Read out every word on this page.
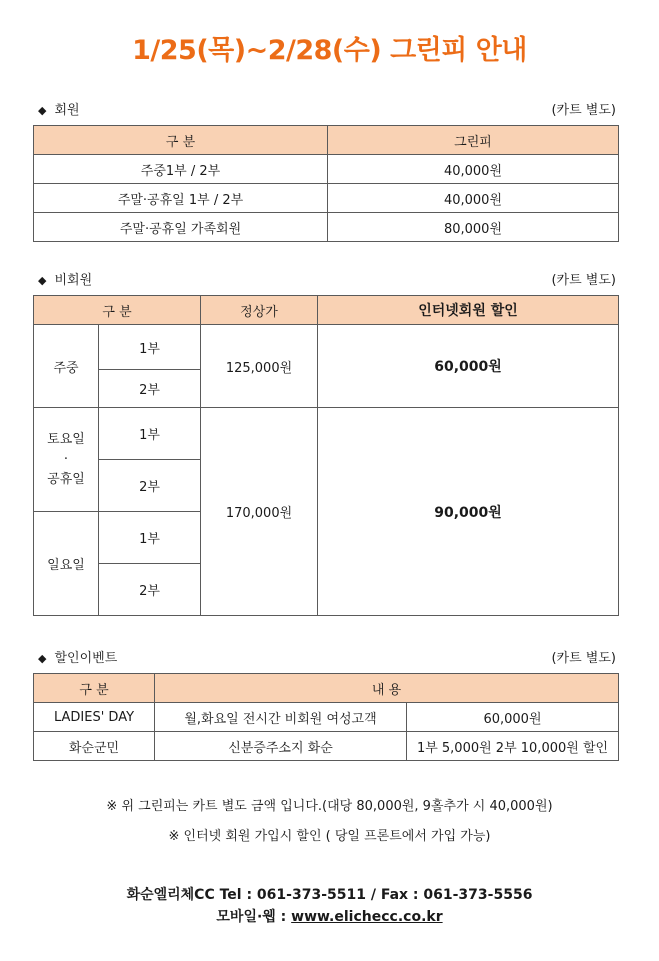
1/25(목)~2/28(수) 그린피 안내
◆ 회원	(카트 별도)
구 분	그린피
주중1부 / 2부	40,000원
주말·공휴일 1부 / 2부	40,000원
주말·공휴일 가족회원	80,000원
◆ 비회원	(카트 별도)
구 분		정상가	인터넷회원 할인
주중	1부	125,000원	60,000원
	2부		

토요일
·
공휴일	1부	170,000원	90,000원
	2부		
일요일	1부		
	2부		
◆ 할인이벤트	(카트 별도)
구 분	내 용	
LADIES' DAY	월,화요일 전시간 비회원 여성고객	60,000원
화순군민	신분증주소지 화순	1부 5,000원 2부 10,000원 할인
※ 위 그린피는 카트 별도 금액 입니다.(대당 80,000원, 9홀추가 시 40,000원)
※ 인터넷 회원 가입시 할인 ( 당일 프론트에서 가입 가능)
화순엘리체CC Tel : 061-373-5511 / Fax : 061-373-5556
모바일·웹 : www.elichecc.co.kr
